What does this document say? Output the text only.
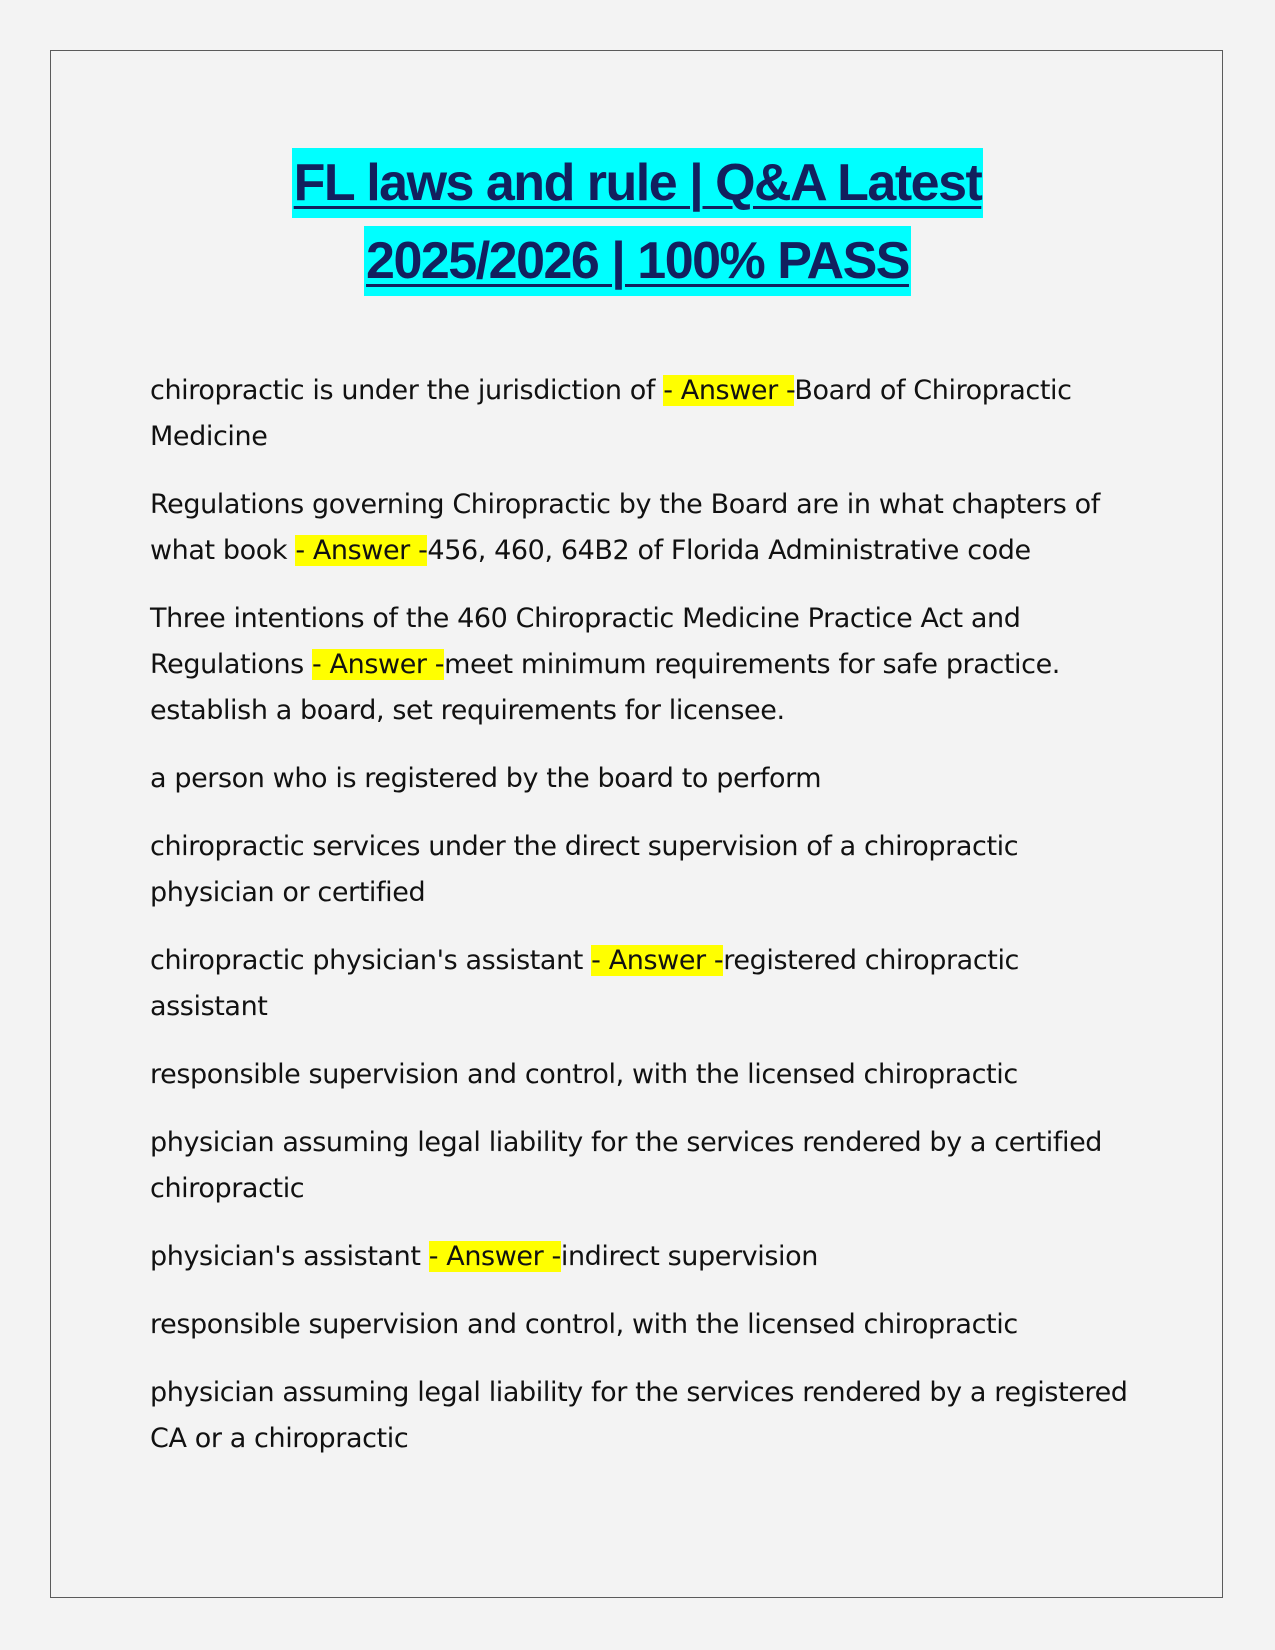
FL laws and rule | Q&A Latest
2025/2026 | 100% PASS

chiropractic is under the jurisdiction of - Answer -Board of Chiropractic Medicine

Regulations governing Chiropractic by the Board are in what chapters of what book - Answer -456, 460, 64B2 of Florida Administrative code

Three intentions of the 460 Chiropractic Medicine Practice Act and Regulations - Answer -meet minimum requirements for safe practice. establish a board, set requirements for licensee.

a person who is registered by the board to perform

chiropractic services under the direct supervision of a chiropractic physician or certified

chiropractic physician's assistant - Answer -registered chiropractic assistant

responsible supervision and control, with the licensed chiropractic

physician assuming legal liability for the services rendered by a certified chiropractic

physician's assistant - Answer -indirect supervision

responsible supervision and control, with the licensed chiropractic

physician assuming legal liability for the services rendered by a registered CA or a chiropractic
